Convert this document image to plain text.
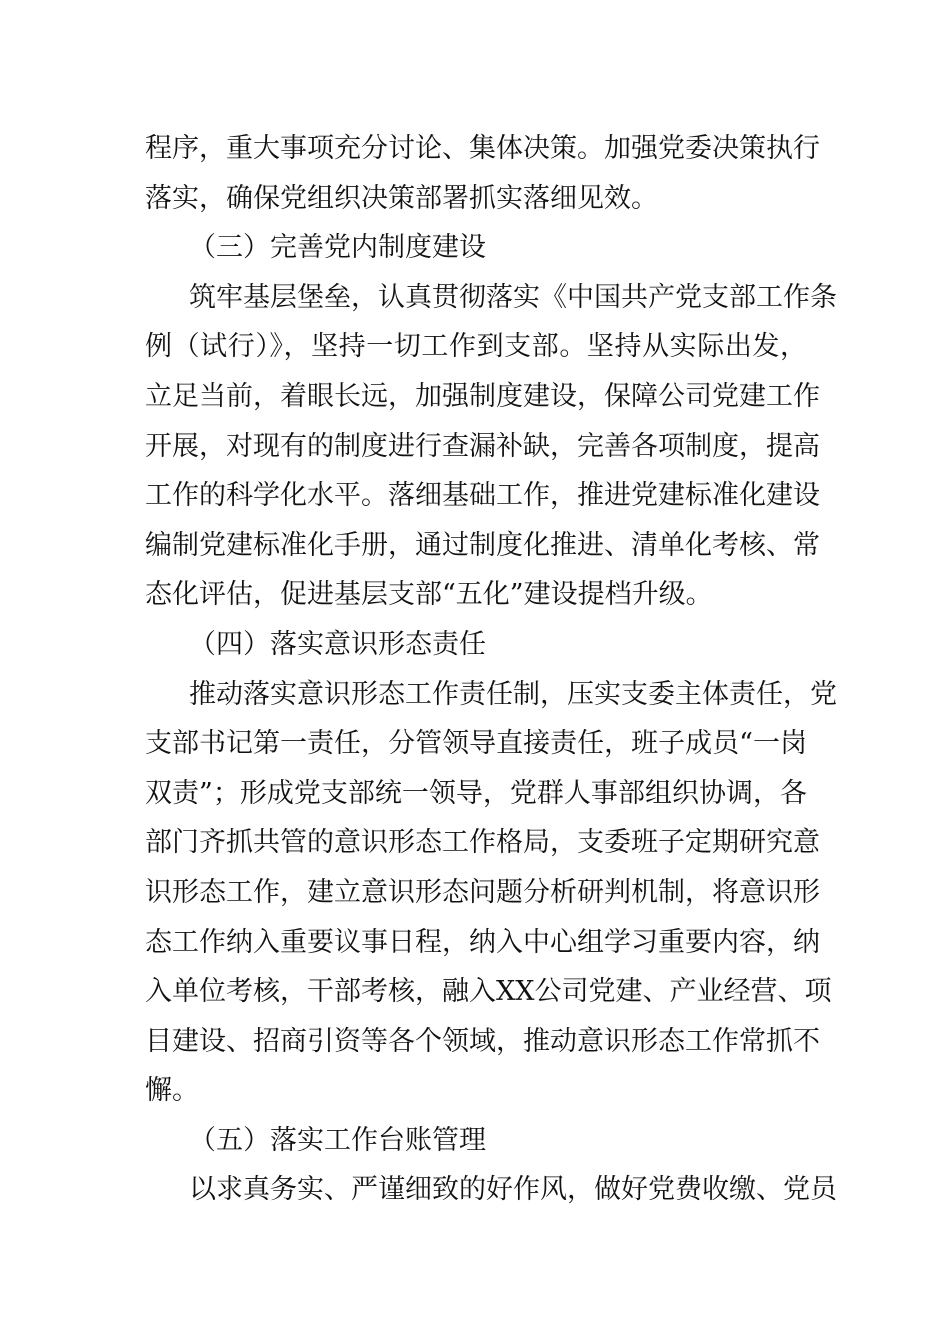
程序，重大事项充分讨论、集体决策。加强党委决策执行
落实，确保党组织决策部署抓实落细见效。
（三）完善党内制度建设
筑牢基层堡垒，认真贯彻落实《中国共产党支部工作条
例（试行）》，坚持一切工作到支部。坚持从实际出发，
立足当前，着眼长远，加强制度建设，保障公司党建工作
开展，对现有的制度进行查漏补缺，完善各项制度，提高
工作的科学化水平。落细基础工作，推进党建标准化建设
编制党建标准化手册，通过制度化推进、清单化考核、常
态化评估，促进基层支部“五化”建设提档升级。
（四）落实意识形态责任
推动落实意识形态工作责任制，压实支委主体责任，党
支部书记第一责任，分管领导直接责任，班子成员“一岗
双责”；形成党支部统一领导，党群人事部组织协调，各
部门齐抓共管的意识形态工作格局，支委班子定期研究意
识形态工作，建立意识形态问题分析研判机制，将意识形
态工作纳入重要议事日程，纳入中心组学习重要内容，纳
入单位考核，干部考核，融入XX公司党建、产业经营、项
目建设、招商引资等各个领域，推动意识形态工作常抓不
懈。
（五）落实工作台账管理
以求真务实、严谨细致的好作风，做好党费收缴、党员
